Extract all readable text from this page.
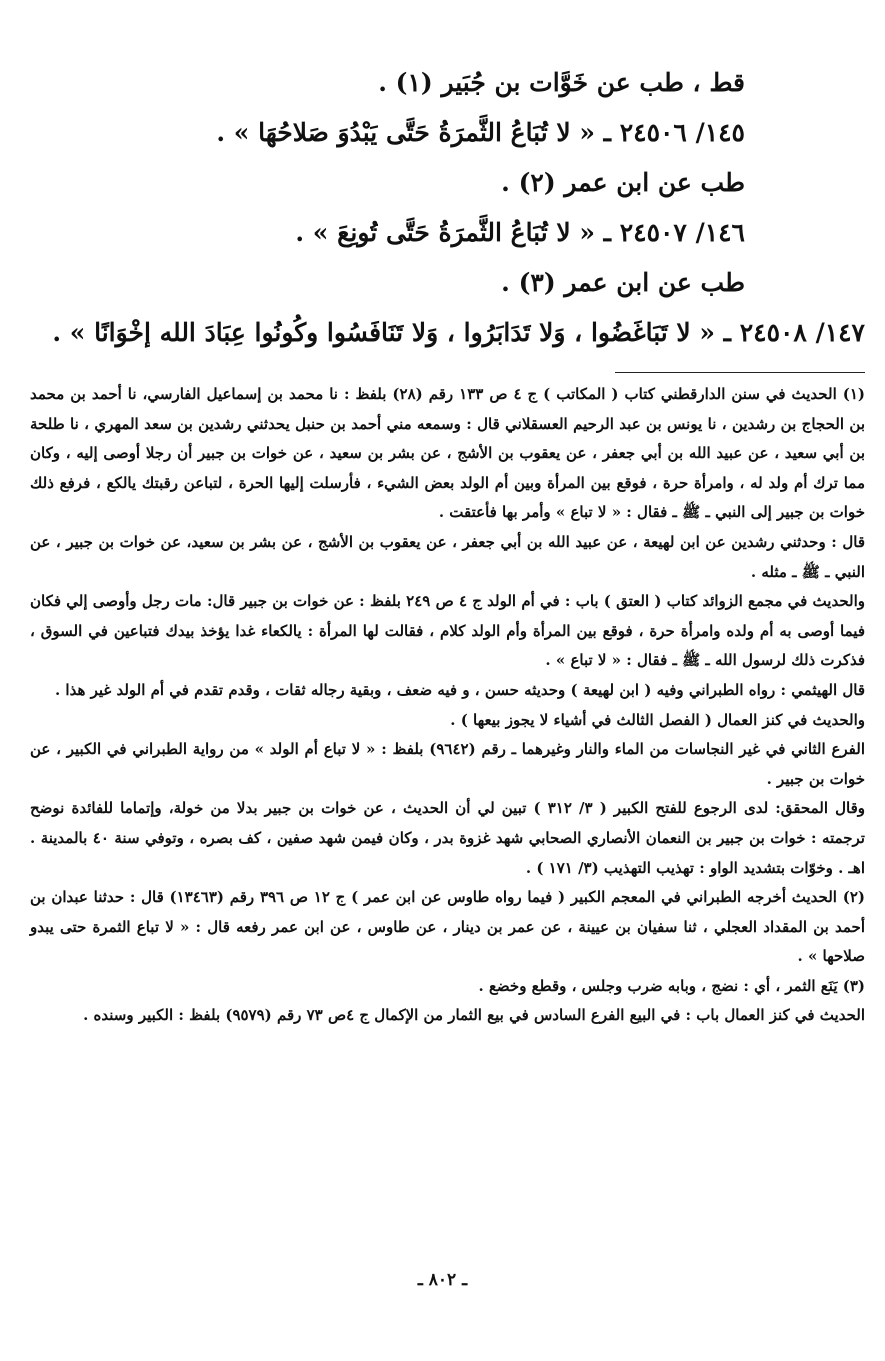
قط ، طب عن خَوَّات بن جُبَير (١) .
١٤٥/ ٢٤٥٠٦ ـ « لا تُبَاعُ الثَّمرَةُ حَتَّى يَبْدُوَ صَلاحُهَا » .
طب عن ابن عمر (٢) .
١٤٦/ ٢٤٥٠٧ ـ « لا تُبَاعُ الثَّمرَةُ حَتَّى تُونِعَ » .
طب عن ابن عمر (٣) .
١٤٧/ ٢٤٥٠٨ ـ « لا تَبَاغَضُوا ، وَلا تَدَابَرُوا ، وَلا تَنَافَسُوا وكُونُوا عِبَادَ الله إخْوَانًا » .
(١) الحديث في سنن الدارقطني كتاب ( المكاتب ) ج ٤ ص ١٣٣ رقم (٢٨) بلفظ : نا محمد بن إسماعيل الفارسي، نا أحمد بن محمد بن الحجاج بن رشدين ، نا يونس بن عبد الرحيم العسقلاني قال : وسمعه مني أحمد بن حنبل يحدثني رشدين بن سعد المهري ، نا طلحة بن أبي سعيد ، عن عبيد الله بن أبي جعفر ، عن يعقوب بن الأشج ، عن بشر بن سعيد ، عن خوات بن جبير أن رجلا أوصى إليه ، وكان مما ترك أم ولد له ، وامرأة حرة ، فوقع بين المرأة وبين أم الولد بعض الشيء ، فأرسلت إليها الحرة ، لتباعن رقبتك يالكع ، فرفع ذلك خوات بن جبير إلى النبي ـ ﷺ ـ فقال : « لا تباع » وأمر بها فأعتقت .
قال : وحدثني رشدين عن ابن لهيعة ، عن عبيد الله بن أبي جعفر ، عن يعقوب بن الأشج ، عن بشر بن سعيد، عن خوات بن جبير ، عن النبي ـ ﷺ ـ مثله .
والحديث في مجمع الزوائد كتاب ( العتق ) باب : في أم الولد ج ٤ ص ٢٤٩ بلفظ : عن خوات بن جبير قال: مات رجل وأوصى إلي فكان فيما أوصى به أم ولده وامرأة حرة ، فوقع بين المرأة وأم الولد كلام ، فقالت لها المرأة : يالكعاء غدا يؤخذ بيدك فتباعين في السوق ، فذكرت ذلك لرسول الله ـ ﷺ ـ فقال : « لا تباع » .
قال الهيثمي : رواه الطبراني وفيه ( ابن لهيعة ) وحديثه حسن ، و فيه ضعف ، وبقية رجاله ثقات ، وقدم تقدم في أم الولد غير هذا .
والحديث في كنز العمال ( الفصل الثالث في أشياء لا يجوز بيعها ) .
الفرع الثاني في غير النجاسات من الماء والنار وغيرهما ـ رقم (٩٦٤٢) بلفظ : « لا تباع أم الولد » من رواية الطبراني في الكبير ، عن خوات بن جبير .
وقال المحقق: لدى الرجوع للفتح الكبير ( ٣/ ٣١٢ ) تبين لي أن الحديث ، عن خوات بن جبير بدلا من خولة، وإتماما للفائدة نوضح ترجمته : خوات بن جبير بن النعمان الأنصاري الصحابي شهد غزوة بدر ، وكان فيمن شهد صفين ، كف بصره ، وتوفي سنة ٤٠ بالمدينة . اهـ . وخوّات بتشديد الواو : تهذيب التهذيب (٣/ ١٧١ ) .
(٢) الحديث أخرجه الطبراني في المعجم الكبير ( فيما رواه طاوس عن ابن عمر ) ج ١٢ ص ٣٩٦ رقم (١٣٤٦٣) قال : حدثنا عبدان بن أحمد بن المقداد العجلي ، ثنا سفيان بن عيينة ، عن عمر بن دينار ، عن طاوس ، عن ابن عمر رفعه قال : « لا تباع الثمرة حتى يبدو صلاحها » .
(٣) يَنَع الثمر ، أي : نضج ، وبابه ضرب وجلس ، وقطع وخضع .
الحديث في كنز العمال باب : في البيع الفرع السادس في بيع الثمار من الإكمال ج ٤ص ٧٣ رقم (٩٥٧٩) بلفظ : الكبير وسنده .
ـ ٨٠٢ ـ
